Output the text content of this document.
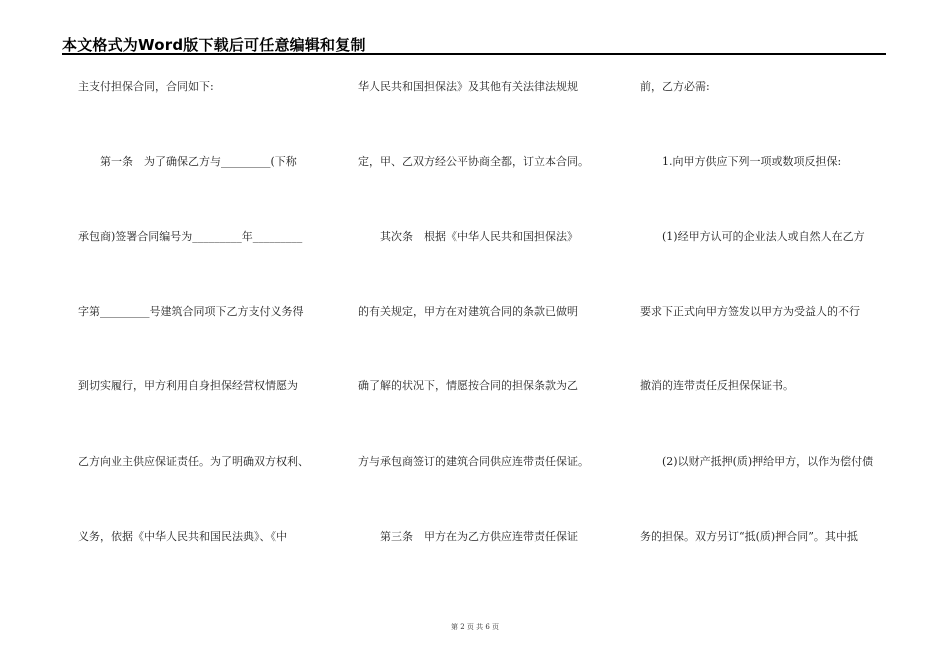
本文格式为Word版下载后可任意编辑和复制
主支付担保合同，合同如下:
　　第一条　为了确保乙方与_________(下称
承包商)签署合同编号为_________年_________
字第_________号建筑合同项下乙方支付义务得
到切实履行，甲方利用自身担保经营权情愿为
乙方向业主供应保证责任。为了明确双方权利、
义务，依据《中华人民共和国民法典》、《中
华人民共和国担保法》及其他有关法律法规规
定，甲、乙双方经公平协商全都，订立本合同。
　　其次条　根据《中华人民共和国担保法》
的有关规定，甲方在对建筑合同的条款已做明
确了解的状况下，情愿按合同的担保条款为乙
方与承包商签订的建筑合同供应连带责任保证。
　　第三条　甲方在为乙方供应连带责任保证
前，乙方必需:
　　1.向甲方供应下列一项或数项反担保:
　　(1)经甲方认可的企业法人或自然人在乙方
要求下正式向甲方签发以甲方为受益人的不行
撤消的连带责任反担保保证书。
　　(2)以财产抵押(质)押给甲方，以作为偿付债
务的担保。双方另订“抵(质)押合同”。其中抵
第 2 页 共 6 页
